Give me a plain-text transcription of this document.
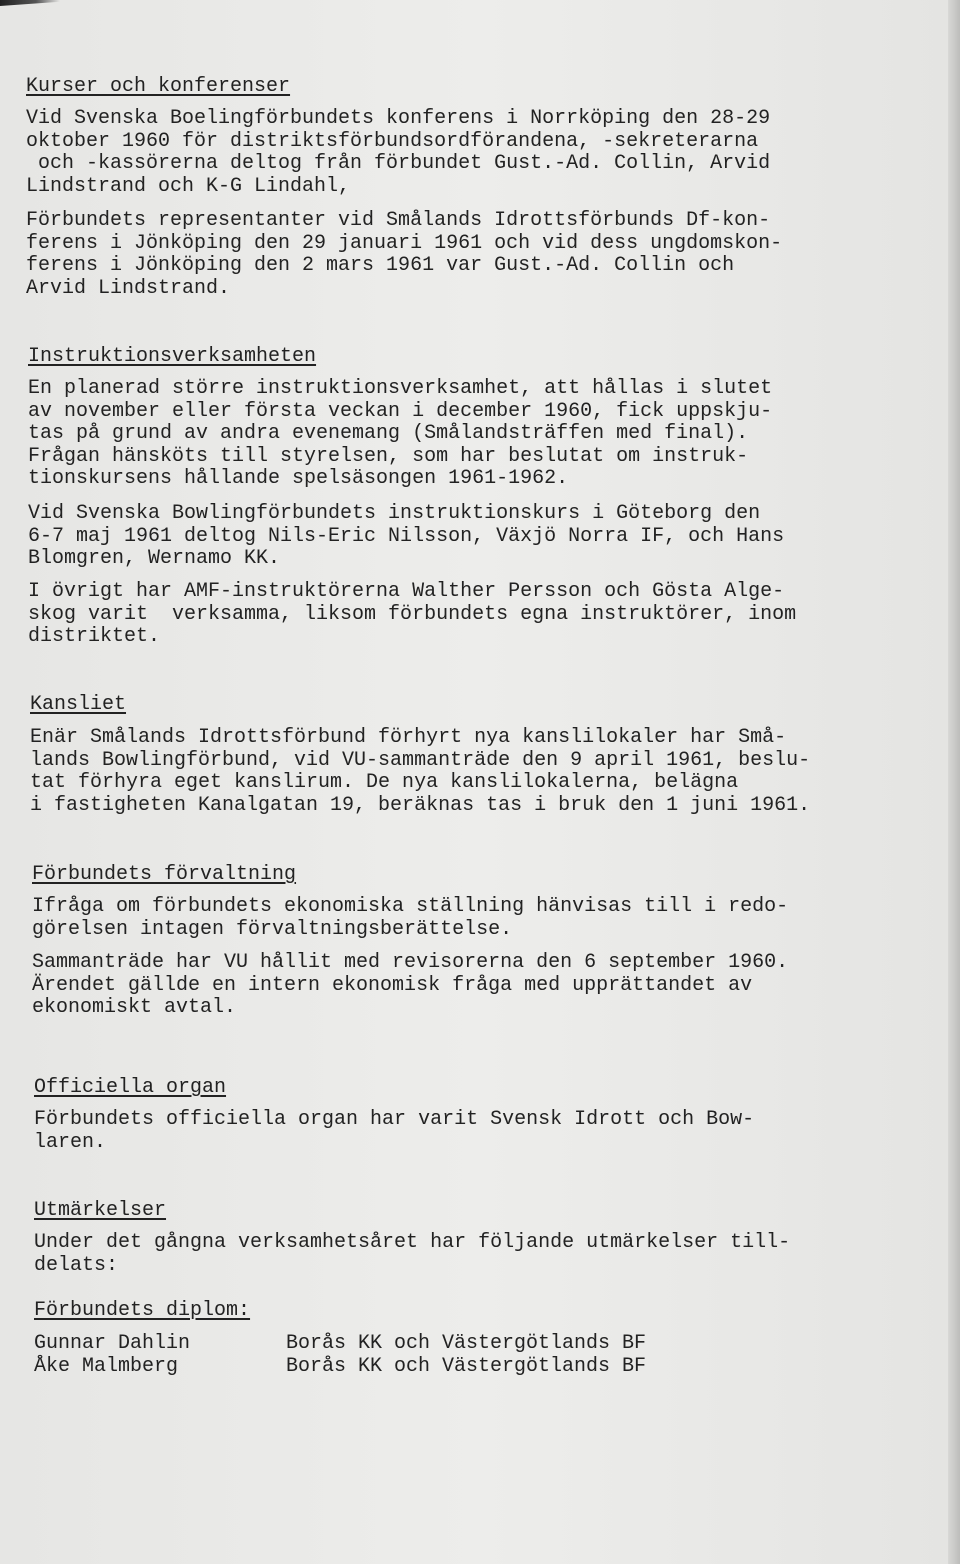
Kurser och konferenser
Vid Svenska Boelingförbundets konferens i Norrköping den 28-29
oktober 1960 för distriktsförbundsordförandena, -sekreterarna
och -kassörerna deltog från förbundet Gust.-Ad. Collin, Arvid
Lindstrand och K-G Lindahl,
Förbundets representanter vid Smålands Idrottsförbunds Df-kon-
ferens i Jönköping den 29 januari 1961 och vid dess ungdomskon-
ferens i Jönköping den 2 mars 1961 var Gust.-Ad. Collin och
Arvid Lindstrand.
Instruktionsverksamheten
En planerad större instruktionsverksamhet, att hållas i slutet
av november eller första veckan i december 1960, fick uppskju-
tas på grund av andra evenemang (Smålandsträffen med final).
Frågan hänsköts till styrelsen, som har beslutat om instruk-
tionskursens hållande spelsäsongen 1961-1962.
Vid Svenska Bowlingförbundets instruktionskurs i Göteborg den
6-7 maj 1961 deltog Nils-Eric Nilsson, Växjö Norra IF, och Hans
Blomgren, Wernamo KK.
I övrigt har AMF-instruktörerna Walther Persson och Gösta Alge-
skog varit  verksamma, liksom förbundets egna instruktörer, inom
distriktet.
Kansliet
Enär Smålands Idrottsförbund förhyrt nya kanslilokaler har Små-
lands Bowlingförbund, vid VU-sammanträde den 9 april 1961, beslu-
tat förhyra eget kanslirum. De nya kanslilokalerna, belägna
i fastigheten Kanalgatan 19, beräknas tas i bruk den 1 juni 1961.
Förbundets förvaltning
Ifråga om förbundets ekonomiska ställning hänvisas till i redo-
görelsen intagen förvaltningsberättelse.
Sammanträde har VU hållit med revisorerna den 6 september 1960.
Ärendet gällde en intern ekonomisk fråga med upprättandet av
ekonomiskt avtal.
Officiella organ
Förbundets officiella organ har varit Svensk Idrott och Bow-
laren.
Utmärkelser
Under det gångna verksamhetsåret har följande utmärkelser till-
delats:
Förbundets diplom:
Gunnar Dahlin	Borås KK och Västergötlands BF
Åke Malmberg	Borås KK och Västergötlands BF
